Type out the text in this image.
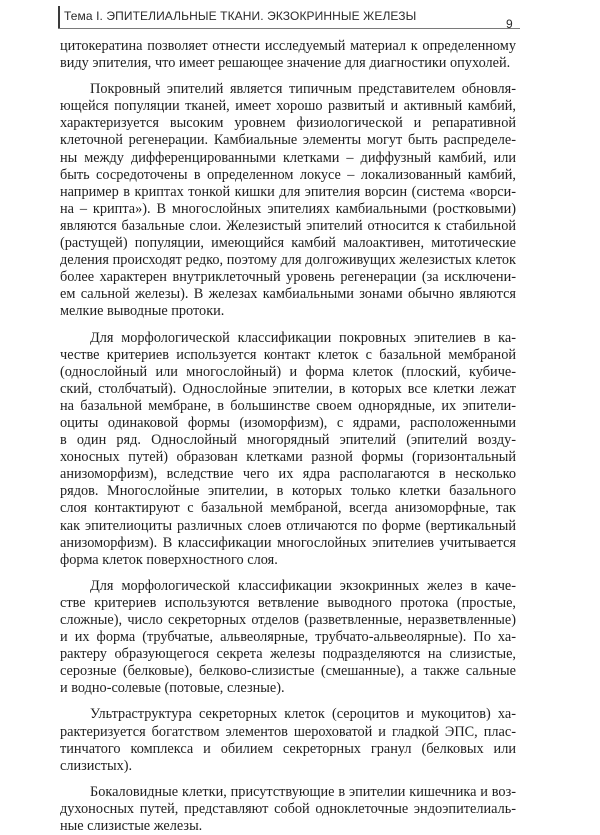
Тема I. ЭПИТЕЛИАЛЬНЫЕ ТКАНИ. ЭКЗОКРИННЫЕ ЖЕЛЕЗЫ
9

цитокератина позволяет отнести исследуемый материал к определенному
виду эпителия, что имеет решающее значение для диагностики опухолей.

Покровный эпителий является типичным представителем обновля-
ющейся популяции тканей, имеет хорошо развитый и активный камбий,
характеризуется высоким уровнем физиологической и репаративной
клеточной регенерации. Камбиальные элементы могут быть распределе-
ны между дифференцированными клетками – диффузный камбий, или
быть сосредоточены в определенном локусе – локализованный камбий,
например в криптах тонкой кишки для эпителия ворсин (система «ворси-
на – крипта»). В многослойных эпителиях камбиальными (ростковыми)
являются базальные слои. Железистый эпителий относится к стабильной
(растущей) популяции, имеющийся камбий малоактивен, митотические
деления происходят редко, поэтому для долгоживущих железистых клеток
более характерен внутриклеточный уровень регенерации (за исключени-
ем сальной железы). В железах камбиальными зонами обычно являются
мелкие выводные протоки.

Для морфологической классификации покровных эпителиев в ка-
честве критериев используется контакт клеток с базальной мембраной
(однослойный или многослойный) и форма клеток (плоский, кубиче-
ский, столбчатый). Однослойные эпителии, в которых все клетки лежат
на базальной мембране, в большинстве своем однорядные, их эпители-
оциты одинаковой формы (изоморфизм), с ядрами, расположенными
в один ряд. Однослойный многорядный эпителий (эпителий возду-
хоносных путей) образован клетками разной формы (горизонтальный
анизоморфизм), вследствие чего их ядра располагаются в несколько
рядов. Многослойные эпителии, в которых только клетки базального
слоя контактируют с базальной мембраной, всегда анизоморфные, так
как эпителиоциты различных слоев отличаются по форме (вертикальный
анизоморфизм). В классификации многослойных эпителиев учитывается
форма клеток поверхностного слоя.

Для морфологической классификации экзокринных желез в каче-
стве критериев используются ветвление выводного протока (простые,
сложные), число секреторных отделов (разветвленные, неразветвленные)
и их форма (трубчатые, альвеолярные, трубчато-альвеолярные). По ха-
рактеру образующегося секрета железы подразделяются на слизистые,
серозные (белковые), белково-слизистые (смешанные), а также сальные
и водно-солевые (потовые, слезные).

Ультраструктура секреторных клеток (сероцитов и мукоцитов) ха-
рактеризуется богатством элементов шероховатой и гладкой ЭПС, плас-
тинчатого комплекса и обилием секреторных гранул (белковых или
слизистых).

Бокаловидные клетки, присутствующие в эпителии кишечника и воз-
духоносных путей, представляют собой одноклеточные эндоэпителиаль-
ные слизистые железы.
